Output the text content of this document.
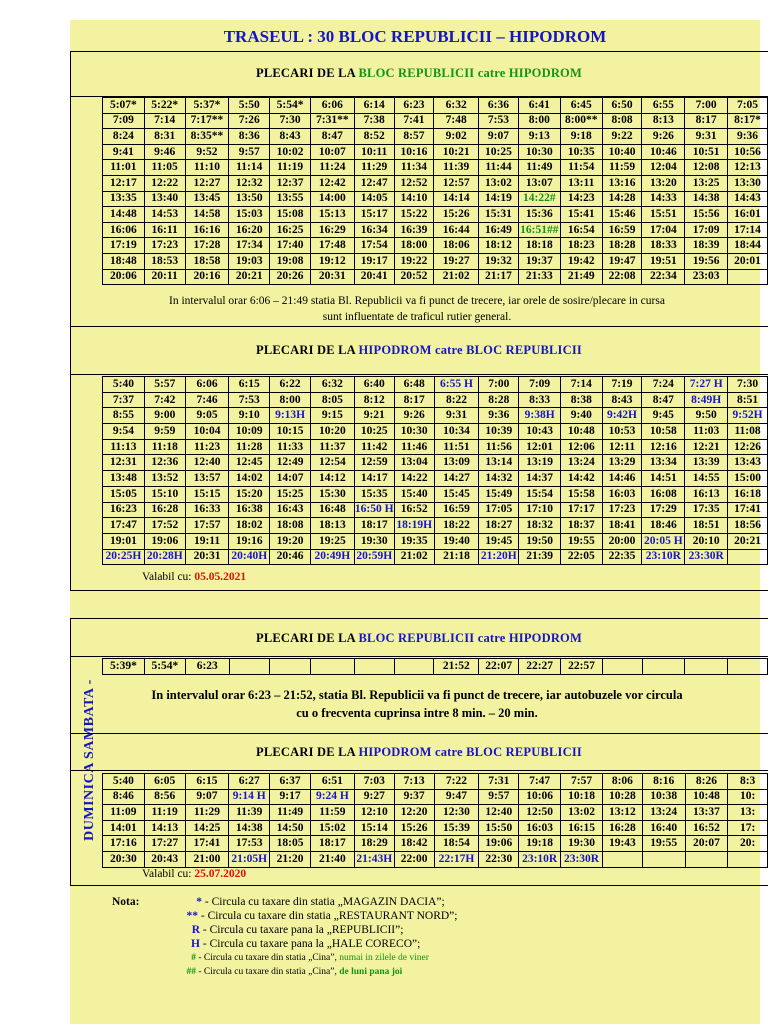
TRASEUL : 30 BLOC REPUBLICII – HIPODROM
PLECARI DE LA BLOC REPUBLICII catre HIPODROM
5:07*	5:22*	5:37*	5:50	5:54*	6:06	6:14	6:23	6:32	6:36	6:41	6:45	6:50	6:55	7:00	7:05
7:09	7:14	7:17**	7:26	7:30	7:31**	7:38	7:41	7:48	7:53	8:00	8:00**	8:08	8:13	8:17	8:17*
8:24	8:31	8:35**	8:36	8:43	8:47	8:52	8:57	9:02	9:07	9:13	9:18	9:22	9:26	9:31	9:36
9:41	9:46	9:52	9:57	10:02	10:07	10:11	10:16	10:21	10:25	10:30	10:35	10:40	10:46	10:51	10:56
11:01	11:05	11:10	11:14	11:19	11:24	11:29	11:34	11:39	11:44	11:49	11:54	11:59	12:04	12:08	12:13
12:17	12:22	12:27	12:32	12:37	12:42	12:47	12:52	12:57	13:02	13:07	13:11	13:16	13:20	13:25	13:30
13:35	13:40	13:45	13:50	13:55	14:00	14:05	14:10	14:14	14:19	14:22#	14:23	14:28	14:33	14:38	14:43
14:48	14:53	14:58	15:03	15:08	15:13	15:17	15:22	15:26	15:31	15:36	15:41	15:46	15:51	15:56	16:01
16:06	16:11	16:16	16:20	16:25	16:29	16:34	16:39	16:44	16:49	16:51##	16:54	16:59	17:04	17:09	17:14
17:19	17:23	17:28	17:34	17:40	17:48	17:54	18:00	18:06	18:12	18:18	18:23	18:28	18:33	18:39	18:44
18:48	18:53	18:58	19:03	19:08	19:12	19:17	19:22	19:27	19:32	19:37	19:42	19:47	19:51	19:56	20:01
20:06	20:11	20:16	20:21	20:26	20:31	20:41	20:52	21:02	21:17	21:33	21:49	22:08	22:34	23:03	
In intervalul orar 6:06 – 21:49 statia Bl. Republicii va fi punct de trecere, iar orele de sosire/plecare in cursa
sunt influentate de traficul rutier general.
PLECARI DE LA HIPODROM catre BLOC REPUBLICII
5:40	5:57	6:06	6:15	6:22	6:32	6:40	6:48	6:55 H	7:00	7:09	7:14	7:19	7:24	7:27 H	7:30
7:37	7:42	7:46	7:53	8:00	8:05	8:12	8:17	8:22	8:28	8:33	8:38	8:43	8:47	8:49H	8:51
8:55	9:00	9:05	9:10	9:13H	9:15	9:21	9:26	9:31	9:36	9:38H	9:40	9:42H	9:45	9:50	9:52H
9:54	9:59	10:04	10:09	10:15	10:20	10:25	10:30	10:34	10:39	10:43	10:48	10:53	10:58	11:03	11:08
11:13	11:18	11:23	11:28	11:33	11:37	11:42	11:46	11:51	11:56	12:01	12:06	12:11	12:16	12:21	12:26
12:31	12:36	12:40	12:45	12:49	12:54	12:59	13:04	13:09	13:14	13:19	13:24	13:29	13:34	13:39	13:43
13:48	13:52	13:57	14:02	14:07	14:12	14:17	14:22	14:27	14:32	14:37	14:42	14:46	14:51	14:55	15:00
15:05	15:10	15:15	15:20	15:25	15:30	15:35	15:40	15:45	15:49	15:54	15:58	16:03	16:08	16:13	16:18
16:23	16:28	16:33	16:38	16:43	16:48	16:50 H	16:52	16:59	17:05	17:10	17:17	17:23	17:29	17:35	17:41
17:47	17:52	17:57	18:02	18:08	18:13	18:17	18:19H	18:22	18:27	18:32	18:37	18:41	18:46	18:51	18:56
19:01	19:06	19:11	19:16	19:20	19:25	19:30	19:35	19:40	19:45	19:50	19:55	20:00	20:05 H	20:10	20:21
20:25H	20:28H	20:31	20:40H	20:46	20:49H	20:59H	21:02	21:18	21:20H	21:39	22:05	22:35	23:10R	23:30R	
Valabil cu: 05.05.2021
DUMINICA SAMBATA -
PLECARI DE LA BLOC REPUBLICII catre HIPODROM
5:39*	5:54*	6:23						21:52	22:07	22:27	22:57				
In intervalul orar 6:23 – 21:52, statia Bl. Republicii va fi punct de trecere, iar autobuzele vor circula
cu o frecventa cuprinsa intre 8 min. – 20 min.
PLECARI DE LA HIPODROM catre BLOC REPUBLICII
5:40	6:05	6:15	6:27	6:37	6:51	7:03	7:13	7:22	7:31	7:47	7:57	8:06	8:16	8:26	8:3
8:46	8:56	9:07	9:14 H	9:17	9:24 H	9:27	9:37	9:47	9:57	10:06	10:18	10:28	10:38	10:48	10:
11:09	11:19	11:29	11:39	11:49	11:59	12:10	12:20	12:30	12:40	12:50	13:02	13:12	13:24	13:37	13:
14:01	14:13	14:25	14:38	14:50	15:02	15:14	15:26	15:39	15:50	16:03	16:15	16:28	16:40	16:52	17:
17:16	17:27	17:41	17:53	18:05	18:17	18:29	18:42	18:54	19:06	19:18	19:30	19:43	19:55	20:07	20:
20:30	20:43	21:00	21:05H	21:20	21:40	21:43H	22:00	22:17H	22:30	23:10R	23:30R				
Valabil cu: 25.07.2020
Nota:	* - Circula cu taxare din statia „MAGAZIN DACIA”;
** - Circula cu taxare din statia „RESTAURANT NORD”;
R - Circula cu taxare pana la „REPUBLICII”;
H - Circula cu taxare pana la „HALE CORECO”;
# - Circula cu taxare din statia „Cina”, numai in zilele de viner
## - Circula cu taxare din statia „Cina”, de luni pana joi
